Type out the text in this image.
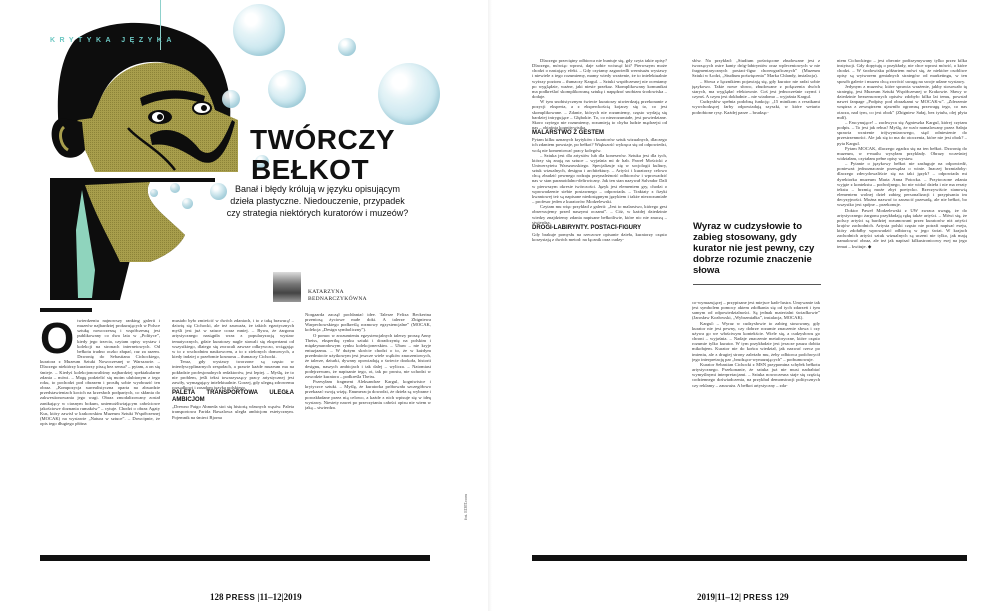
KRYTYKA JĘZYKA
TWÓRCZY
BEŁKOT
Banał i błędy królują w języku opisującym dzieła plastyczne. Niedouczenie, przypadek czy strategia niektórych kuratorów i muzeów?
KATARZYNA
BEDNARCZYKÓWNA
O twierdzeniu najnowszy ranking galerii i muzeów najbardziej prokurujących w Polsce sztukę nowoczesną i współczesną jest publikowany co dwa lata w „Polityce”, kiedy jego trzecia, czytam opisy wystaw i kolekcji na stronach internetowych. Od bełkotu trudno oczko złapać, raz za razem. Dzwonię do Sebastiana Cichockiego, kuratora z Muzeum Sztuki Nowoczesnej w Warszawie. – Dlaczego niektórzy kuratorzy piszą bez sensu? – pytam, a on się śmieje. – Kiedyś kolekcjonowaliśmy najbardziej spektakularne zdania – mówi. – Mogę podzielić się moim ulubionym z tego roku, to pochodzi pod obrazem i prosiłę sobie wyobrazić ten obraz. „Kompozycja surrealistyczna oparta na absurdzie przedstawieniach kocich na krzesłach podpartych, co skłania do zakwestionowania jego wagi. Obraz zmodalizowany został zanikający w ciasnym bokum, uniemożliwiającym całościowe jakościowe doznania rumaków” – cytuje. Chodzi o obraz Agaty Kus, który zawisł w krakowskim Muzeum Sztuki Współczesnej (MOCAK) na wystawie „Natura w sztuce”. – Dowcipnie, że opis tego długiego płótna

musiało było zmieścić w dwóch zdaniach, i to z taką brawurą! – dziwię się Cichocki, ale też zauważa, że takich egzotycznych myśli jest już w sztuce coraz mniej. – Bywa, że żargonu artystycznego nastąpiła wraz z popularyzacją wystaw tematycznych, gdzie kuratorzy nagle stawali się ekspertami od wszystkiego, dlatego się zwracali zawsze odkrywczo, wciągając w to z wschodnim naukowcem, a to z zielonych domowych, a kiedy indziej o przełomie kosmosu – tłumaczy Cichocki.

Teraz, gdy wystawy tworzone są często w interdyscyplinarnych zespołach, a prawie każde muzeum ma na pokładzie profesjonalnych redaktorów, jest lepiej. – Myślę, że to nie problem, jeśli tekst towarzyszący pracy artystycznej jest zawiły, wymagający intelektualnie. Gorzej, gdy ulegną zdrowemu rozsądkowi i zasadom języka polskiego.

PALETA TRANSPORTOWA ULEGŁA AMBICJOM

„Drewno Paigo Ahmeda stoi się historią własnych wąsów. Paleta transportowa Farida Bawalowa uległa ambicjom estetycznym. Pojemnik na śmieci Bjorna

Norgaarda zaczął pochłaniać idee. Talerze Felixa Beckerina przeniosą życiowe małe doki. A talerze Zbigniewa Warpechowskiego podkreślą rozmowy egzystencjalne” (MOCAK, kolekcja „Design symboliczny”).

O pomoc w zrozumieniu egzystencjalnych talerzy proszę Anny Theiss, ekspertkę rynku sztuki i doradczynię na polskim i międzynarodowym rynku kolekcjonerskim. – Ubaw – nie kryje entuzjazmu. – W dużym skrócie chodzi o to, że w każdym przedmiocie użytkowym jest jeszcze wiele wątków znaczeniowych, że talerze, dziurki, dywany opowiadają o świecie dookoła, historii designu, naszych ambicjach i tak dalej – wylicza. – Natomiast podejrzewam, że napisanie tego, ot, tak po prostu, nie uchodzi w zawodzie kuratora – podkreśla Theiss.

Przesyłam fragment Aleksandrze Kargul, kogniwistce i krytyczce sztuki. – Myślę, że kuratorka próbowała szczegółowo przekazać swoją wizję. Enumeracja dowodzi, że dzieła są wybrane i porozkładane przez nią celowo, a każde z nich wpisuje się w ideę wystawy. Niestety nawet po przeczytaniu całości opisu nie wiem w jaką – stwierdza.

128 PRESS |11–12|2019
fot. EDIT.com

Dlaczego przeciętny odbiorca nie buntuje się, gdy czyta takie opisy? Dlaczego, mówiąc wprost, daje sobie wcisnąć kit? Pierwszym może chodzi o nastający efekt. – Gdy czytamy zagawiedli wernisażu wystawy i niewiele z tego rozumiemy, mamy wtedy wrażenie, że to intelektualnie wyższy poziom – tłumaczy Kargul. – Sztuki współczesnej nie oceniamy po wyglądzie, ważne, jaki niesie przekaz. Skomplikowany komunikat ma podkreślać skomplikowaną sztukę i napędzać snobizm środowiska – dodaje.

W tym snobistycznym świecie kuratorzy utwierdzają przekonanie z pozycji eksperta, a z eksperckością kojarzy się to, co jest skomplikowane. – Zdanie, których nie rozumiemy, często wydają się bardziej intrygujące – Głębokie. To, co niezrozumiałe, jest powiedziane. Skoro czytego nie rozumiemy, rozumieją to chyba ludzie mądrzejsi od nas – objaśnia kognitywistka.

MALARSTWO Z GESTEM

Pytam kilku uznanych krytyków i kuratorów sztuk wizualnych, dlaczego ich zdaniem powstaje, po bełkot? Większość wykręca się od odpowiedzi, wolą nie komentować pracy kolegów.

– Sztuka jest dla artystów lub dla koneserów. Sztuka jest dla tych, którzy się znają na sztuce – wyjaśnia mi dr hab. Paweł Mościcki z Uniwersytetu Warszawskiego. Specjalizuje się w socjologii kultury, sztuk wizualnych, designu i architektury. – Artyści i kuratorzy celowo chcą zbudzić pewnego rodzaju przynależność odbiorców i wprowadzić nas w stan paranoidalno-delirwiczny. Jak ten stan nazywał Salvador Dalí w pierwszym okresie twórczości. Język jest elementem gry, chodzi o wprowadzenie siebie postawnego – odpowiada. – Traktaty z fizyki kwantowej też są napisane niedostępnym językiem i także niezrozumiałe – profesor jeden z kuratorów Modzelewski.

Czytam mu więc przykład z galerii: „Jest to malarstwo, którego gest obserwujemy przed naszymi oczami”. – Cóż, w każdej dziedzinie wiedzy znajdziemy zdania napisane bełkotliwie, które nic nie znaczą – stwierdza.

DROGI-LABIRYNTY. POSTACI-FIGURY

Gdy brakuje pomysłu na rzeczowe opisanie dzieła, kuratorzy często korzystają z dwóch metod: na łącznik oraz cudzy-

słów. Na przykład: „Studium poświęcone zbudowane jest z tworzących ostre kanty dróg-labiryntów oraz wpleceniowych w nie fragmentarycznych postaci-figur choreograficznych” (Muzeum Sztuki w Łodzi, „Studium poświęcenia” Marka Chlandy, instalacja).

– Słowa z łącznikiem pojawiają się, gdy kurator nie radzi sobie językowo. Takie nowe słowo, zbudowane z połączenia dwóch starych, ma wyglądać efektownie. Coś jest jednocześnie czymś i czymś. A czym jest dokładnie – nie wiadomo – wyjaśnia Kargul.

Cudzysłów spełnia podobną funkcję: „15 minikom z resztkami wywchodzącej farby odpowiadają szyszki, w które wetarto podrobione rysy. Każdej parze – brudząc-

co-wymazującej – przypisane jest miejsce kadr-lustra. Umywanie tak jest symbolem pomocy aktem zdołkania się od tych zdarzeń i tym samym od odpowiedzialności. Są jednak materialni świadkowie” (Jarosław Kozłowski, „Wybrzmiałka”, instalacja, MOCAK).

Kargul: – Wyraz w cudzysłowie to zabieg stosowany, gdy kurator nie jest pewny, czy dobrze rozumie znaczenie słowa i czy używa go we właściwym kontekście. Wiele się, a cudzysłowu go chroni – wyjaśnia. – Nadaje znaczenie metaforyczne, które często rozumie tylko kurator. W tym przykładzie jest jeszcze pauza dobita mikołajem. Kurator nie do końca wiedział, jak nazwać rzecz po imieniu, ale z drugiej strony zależało mu, żeby odbiorca podchwycił jego interpretację par „brudząco-wymazujących” – podsumowuje.

Kurator Sebastian Cichocki z MSN przypomina schyłek bełkotu artystycznego. Przekonanie, że sztuka już nie musi nadrabiać wymyślnymi interpretacjami. – Sztuka nowoczesna staje się częścią codziennego doświadczenia, na przykład demonstracji politycznych czy reklamy – zauważa. A bełkot artystyczny – zda-

niem Cichockiego – jest obecnie podtrzymywany tylko przez kilka instytucji. Gdy dopytuję o przykłady, nie chce wprost mówić, o które chodzi. – W środowisku półżartem mówi się, że niektóre osobliwe opisy są wytworem genialnych strategów od marketingu, w ten sposób galerie i muzea chcą zwrócić uwagę na swoje udane wystawy.

Jedynym z muzeów, które sprawia wrażenie, jakby stosowało tę strategię, jest Muzeum Sztuki Współczesnej w Krakowie. Sławy w dziedzinie bezsensownych opisów zdobyło kilka lat temu, powstał nawet fanpage „Podpisy pod obrazkami w MOCAK-u”. „Zderzenie wnętrza z zewnętrzem ujawniło ogromną przewagę tego, co nas otacza, nad tym, co jest obok” (Zbigniew Sałaj, bez tytułu, olej płyta mdf).

– Fascynujące! – zachwyca się Agnieszka Kargul, której czytam podpis. – To jest jak rebus! Myślę, że wzór namalowany przez Sałaja sprawia wrażenie trójwymiarowego, stąd odniesienie do przestrzenności. Ale jak się to ma do otoczenia, które nie jest obok? – pyta Kargul.

Pytam MOCAK, dlaczego zgadza się na ten bełkot. Dzwonię do muzeum, w e-mailu wysyłam przykłady. Obrazy wcześniej widziałam, czytałam pełne opisy wystaw.

– Pytanie o językowy bełkot nie zasługuje na odpowiedź, ponieważ jednoznacznie przesądza o winie. Inaczej brzmiałoby: dlaczego zdecydowaliście się na taki język? – odpowiada mi dyrektorka muzeum Maria Anna Potocka. – Przytoczone zdania wyjęte z kontekstu – podwójnego, bo nie widać dzieła i nie ma reszty tekstu – brzmią może zbyt poetycko. Rzeczywiście stanowią elementem wolnej dzieł zabieg personalizacji i przypisania im decyzyjności. Można nazwać to zarzucić przesadą, ale nie bełkot, bo wszystko jest spójne – przekonuje.

Doktor Paweł Modzelewski z UW zwraca uwagę, że do artystycznego żargonu przykładają rękę także artyści. – Mówi się, że polscy artyści są bardziej rozumowani przez kuratorów niż artyści krajów zachodnich. Artysta polski często nie potrafi napisać eseju, który zdołałby wprowadzić odbiorcę w jego świat. W krajach zachodnich artyści sztuk wizualnych są uczeni nie tylko, jak mają namalować obraz, ale też jak napisać kilkustronicowy esej na jego temat – kwituje. ◆

2019|11–12| PRESS 129
Wyraz w cudzysłowie to zabieg stosowany, gdy kurator nie jest pewny, czy dobrze rozumie znaczenie słowa
